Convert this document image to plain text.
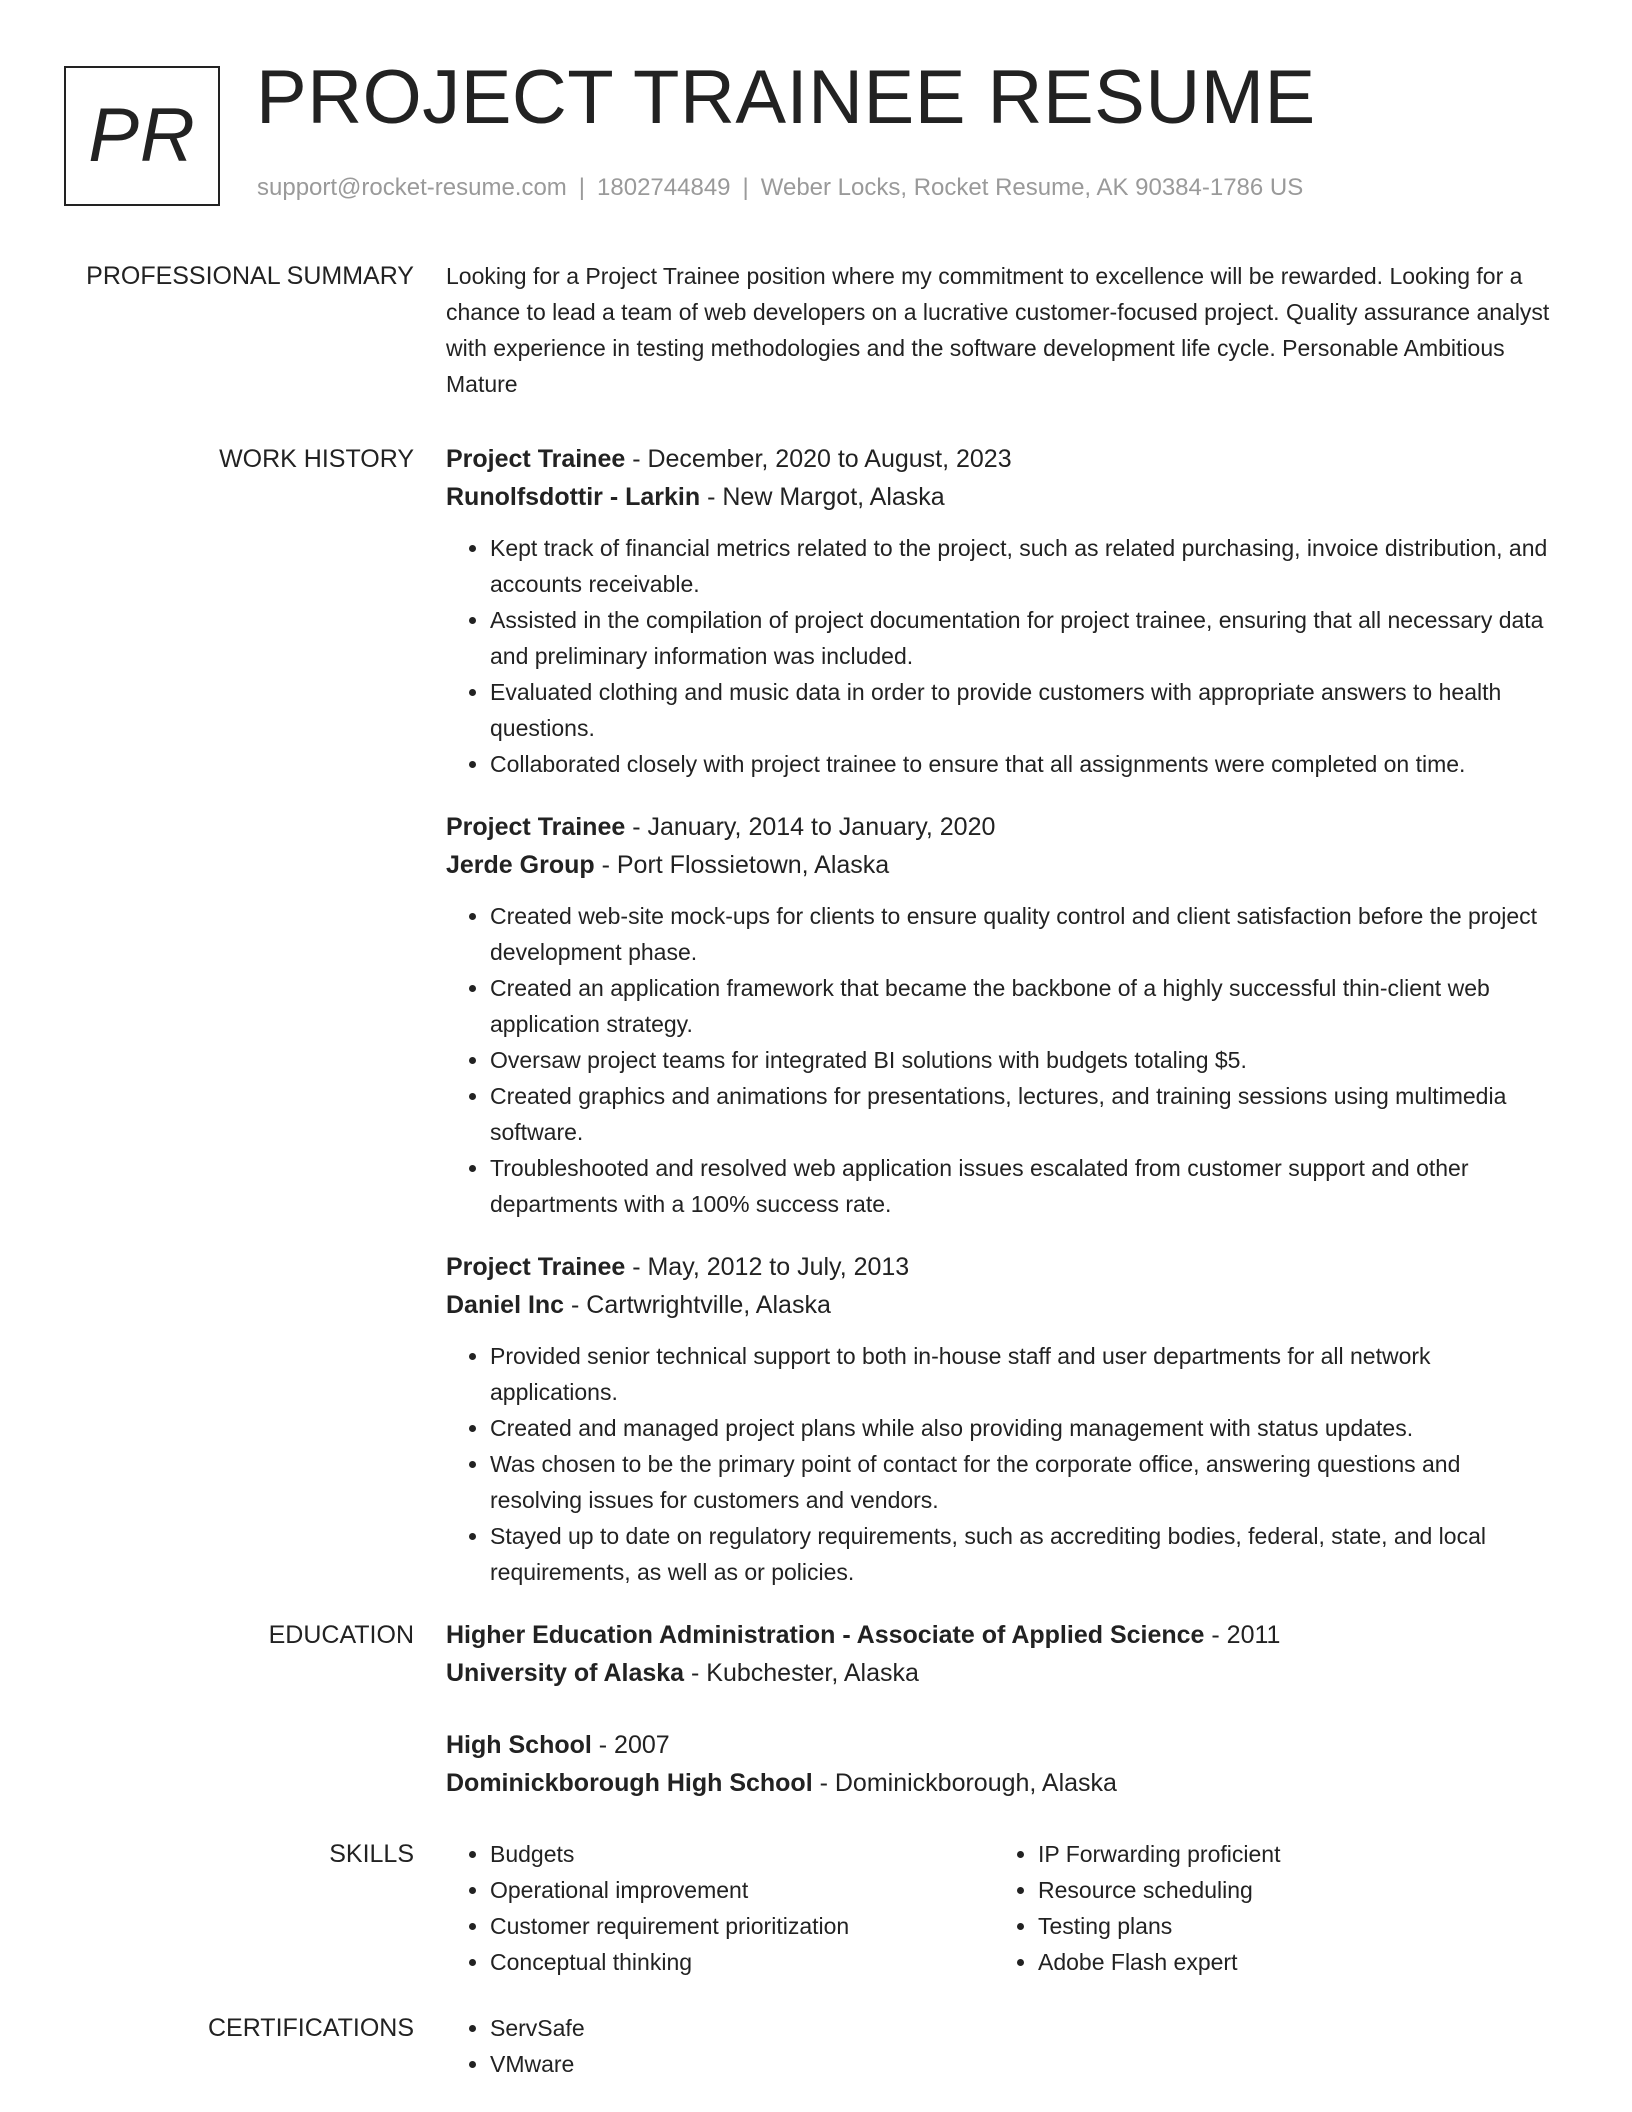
PR PROJECT TRAINEE RESUME
support@rocket-resume.com | 1802744849 | Weber Locks, Rocket Resume, AK 90384-1786 US
PROFESSIONAL SUMMARY Looking for a Project Trainee position where my commitment to excellence will be rewarded. Looking for a chance to lead a team of web developers on a lucrative customer-focused project. Quality assurance analyst with experience in testing methodologies and the software development life cycle. Personable Ambitious Mature

WORK HISTORY Project Trainee - December, 2020 to August, 2023
Runolfsdottir - Larkin - New Margot, Alaska
• Kept track of financial metrics related to the project, such as related purchasing, invoice distribution, and accounts receivable.
• Assisted in the compilation of project documentation for project trainee, ensuring that all necessary data and preliminary information was included.
• Evaluated clothing and music data in order to provide customers with appropriate answers to health questions.
• Collaborated closely with project trainee to ensure that all assignments were completed on time.
Project Trainee - January, 2014 to January, 2020
Jerde Group - Port Flossietown, Alaska
• Created web-site mock-ups for clients to ensure quality control and client satisfaction before the project development phase.
• Created an application framework that became the backbone of a highly successful thin-client web application strategy.
• Oversaw project teams for integrated BI solutions with budgets totaling $5.
• Created graphics and animations for presentations, lectures, and training sessions using multimedia software.
• Troubleshooted and resolved web application issues escalated from customer support and other departments with a 100% success rate.
Project Trainee - May, 2012 to July, 2013
Daniel Inc - Cartwrightville, Alaska
• Provided senior technical support to both in-house staff and user departments for all network applications.
• Created and managed project plans while also providing management with status updates.
• Was chosen to be the primary point of contact for the corporate office, answering questions and resolving issues for customers and vendors.
• Stayed up to date on regulatory requirements, such as accrediting bodies, federal, state, and local requirements, as well as or policies.
EDUCATION Higher Education Administration - Associate of Applied Science - 2011
University of Alaska - Kubchester, Alaska
High School - 2007
Dominickborough High School - Dominickborough, Alaska
SKILLS	• Budgets
• Operational improvement
• Customer requirement prioritization
• Conceptual thinking
• IP Forwarding proficient
• Resource scheduling
• Testing plans
• Adobe Flash expert
CERTIFICATIONS	• ServSafe
• VMware
